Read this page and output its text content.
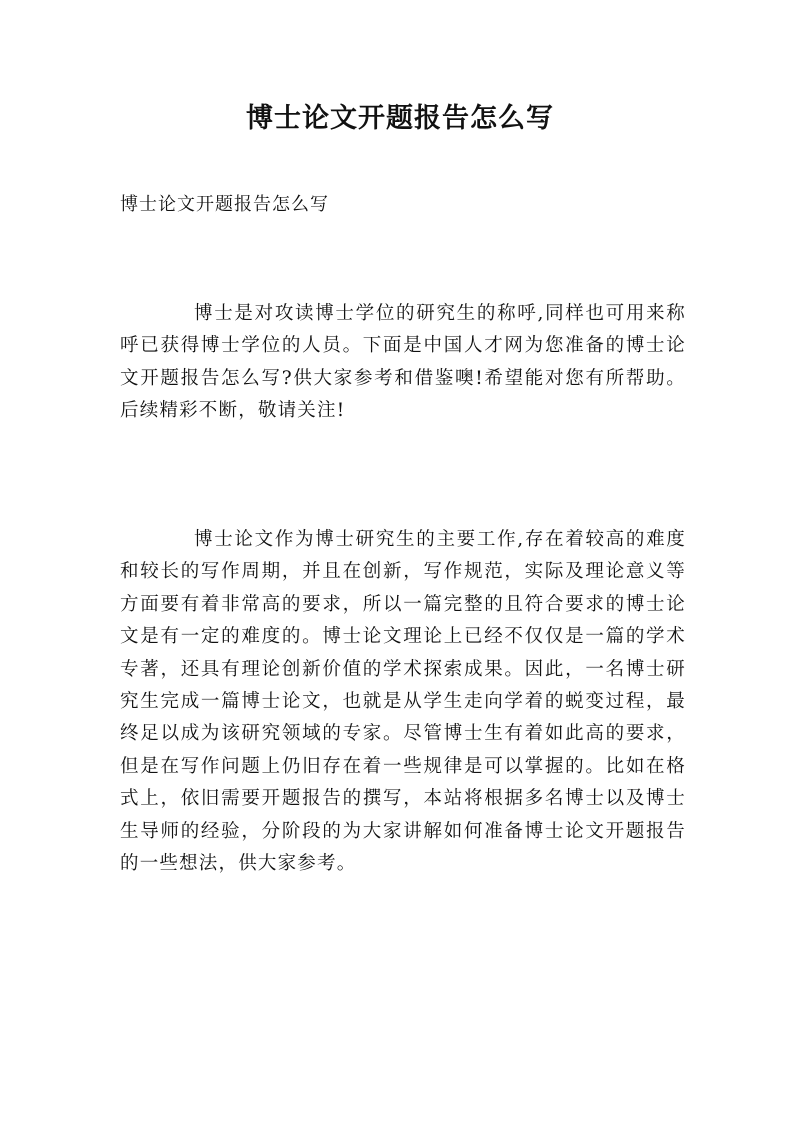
博士论文开题报告怎么写

博士论文开题报告怎么写

博士是对攻读博士学位的研究生的称呼,同样也可用来称呼已获得博士学位的人员。下面是中国人才网为您准备的博士论文开题报告怎么写?供大家参考和借鉴噢!希望能对您有所帮助。后续精彩不断，敬请关注!

博士论文作为博士研究生的主要工作,存在着较高的难度和较长的写作周期，并且在创新，写作规范，实际及理论意义等方面要有着非常高的要求，所以一篇完整的且符合要求的博士论文是有一定的难度的。博士论文理论上已经不仅仅是一篇的学术专著，还具有理论创新价值的学术探索成果。因此，一名博士研究生完成一篇博士论文，也就是从学生走向学着的蜕变过程，最终足以成为该研究领域的专家。尽管博士生有着如此高的要求，但是在写作问题上仍旧存在着一些规律是可以掌握的。比如在格式上，依旧需要开题报告的撰写，本站将根据多名博士以及博士生导师的经验，分阶段的为大家讲解如何准备博士论文开题报告的一些想法，供大家参考。
